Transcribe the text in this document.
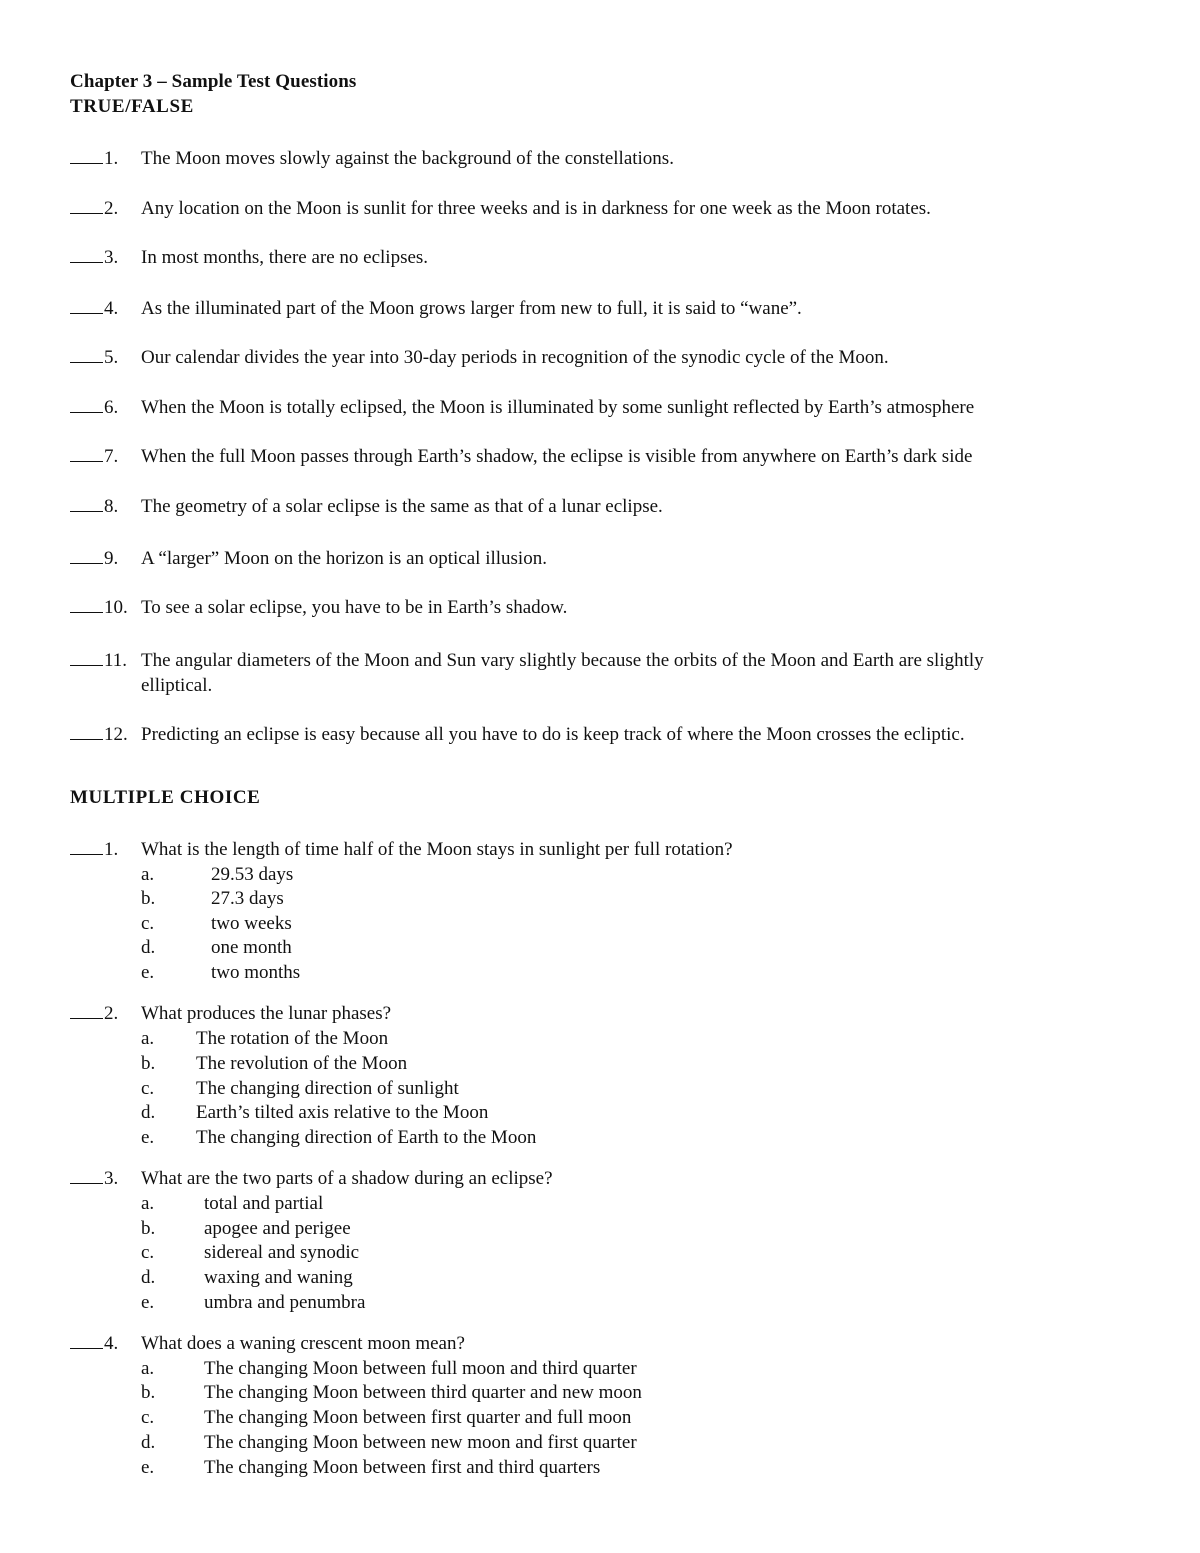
Chapter 3 – Sample Test Questions
TRUE/FALSE
1. The Moon moves slowly against the background of the constellations.
2. Any location on the Moon is sunlit for three weeks and is in darkness for one week as the Moon rotates.
3. In most months, there are no eclipses.
4. As the illuminated part of the Moon grows larger from new to full, it is said to “wane”.
5. Our calendar divides the year into 30-day periods in recognition of the synodic cycle of the Moon.
6. When the Moon is totally eclipsed, the Moon is illuminated by some sunlight reflected by Earth’s atmosphere
7. When the full Moon passes through Earth’s shadow, the eclipse is visible from anywhere on Earth’s dark side
8. The geometry of a solar eclipse is the same as that of a lunar eclipse.
9. A “larger” Moon on the horizon is an optical illusion.
10. To see a solar eclipse, you have to be in Earth’s shadow.
11. The angular diameters of the Moon and Sun vary slightly because the orbits of the Moon and Earth are slightly
elliptical.
12. Predicting an eclipse is easy because all you have to do is keep track of where the Moon crosses the ecliptic.
MULTIPLE CHOICE
1. What is the length of time half of the Moon stays in sunlight per full rotation?
a.	29.53 days
b.	27.3 days
c.	two weeks
d.	one month
e.	two months
2. What produces the lunar phases?
a. The rotation of the Moon
b. The revolution of the Moon
c. The changing direction of sunlight
d. Earth’s tilted axis relative to the Moon
e. The changing direction of Earth to the Moon
3. What are the two parts of a shadow during an eclipse?
a.	total and partial
b.	apogee and perigee
c.	sidereal and synodic
d.	waxing and waning
e.	umbra and penumbra
4. What does a waning crescent moon mean?
a.	The changing Moon between full moon and third quarter
b.	The changing Moon between third quarter and new moon
c.	The changing Moon between first quarter and full moon
d.	The changing Moon between new moon and first quarter
e.	The changing Moon between first and third quarters
